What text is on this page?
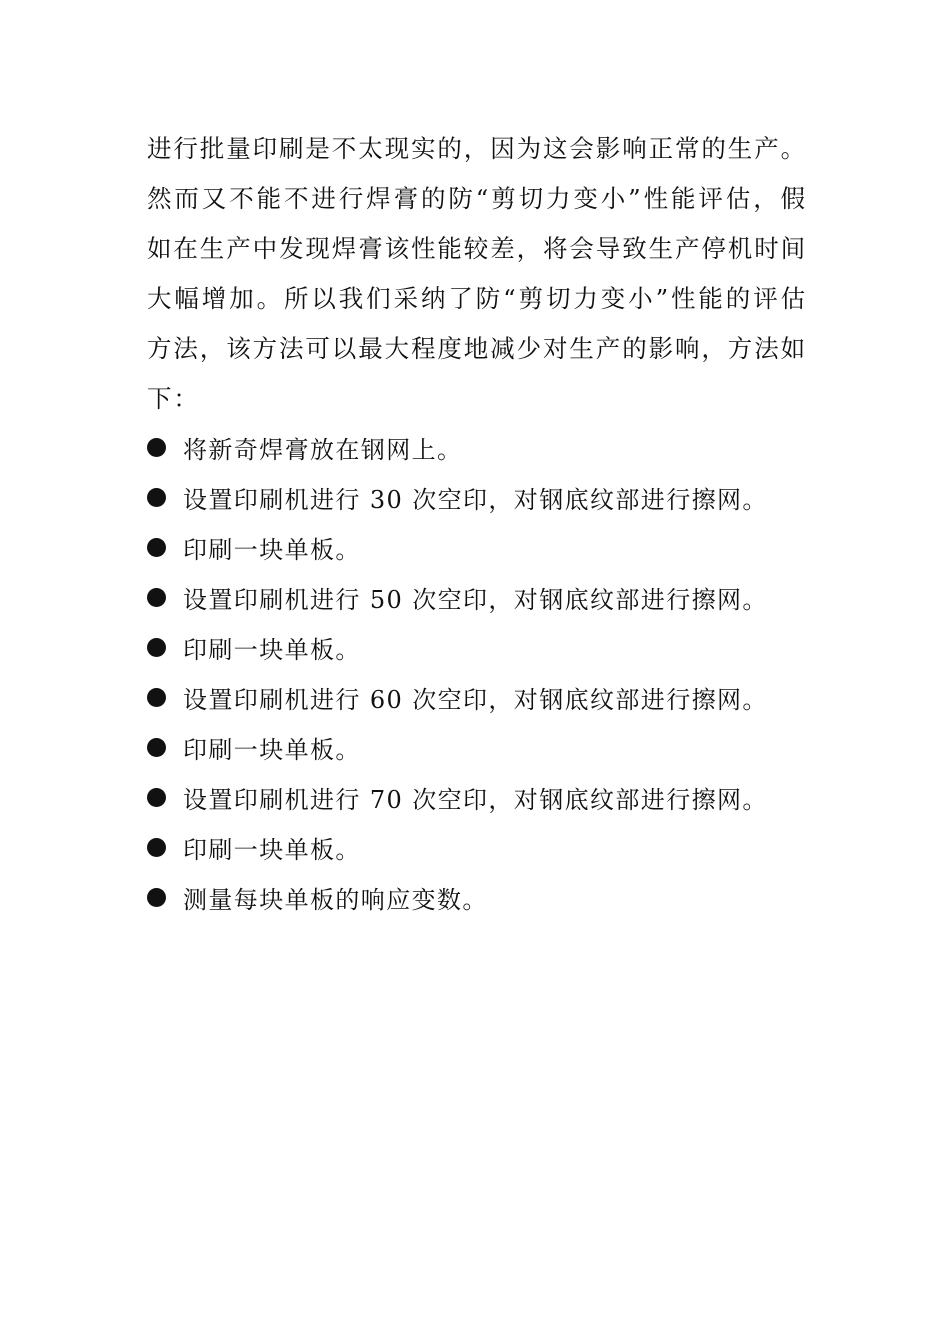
进行批量印刷是不太现实的，因为这会影响正常的生产。然而又不能不进行焊膏的防“剪切力变小”性能评估，假如在生产中发现焊膏该性能较差，将会导致生产停机时间大幅增加。所以我们采纳了防“剪切力变小”性能的评估方法，该方法可以最大程度地减少对生产的影响，方法如下：

将新奇焊膏放在钢网上。
设置印刷机进行 30 次空印，对钢底纹部进行擦网。
印刷一块单板。
设置印刷机进行 50 次空印，对钢底纹部进行擦网。
印刷一块单板。
设置印刷机进行 60 次空印，对钢底纹部进行擦网。
印刷一块单板。
设置印刷机进行 70 次空印，对钢底纹部进行擦网。
印刷一块单板。
测量每块单板的响应变数。
